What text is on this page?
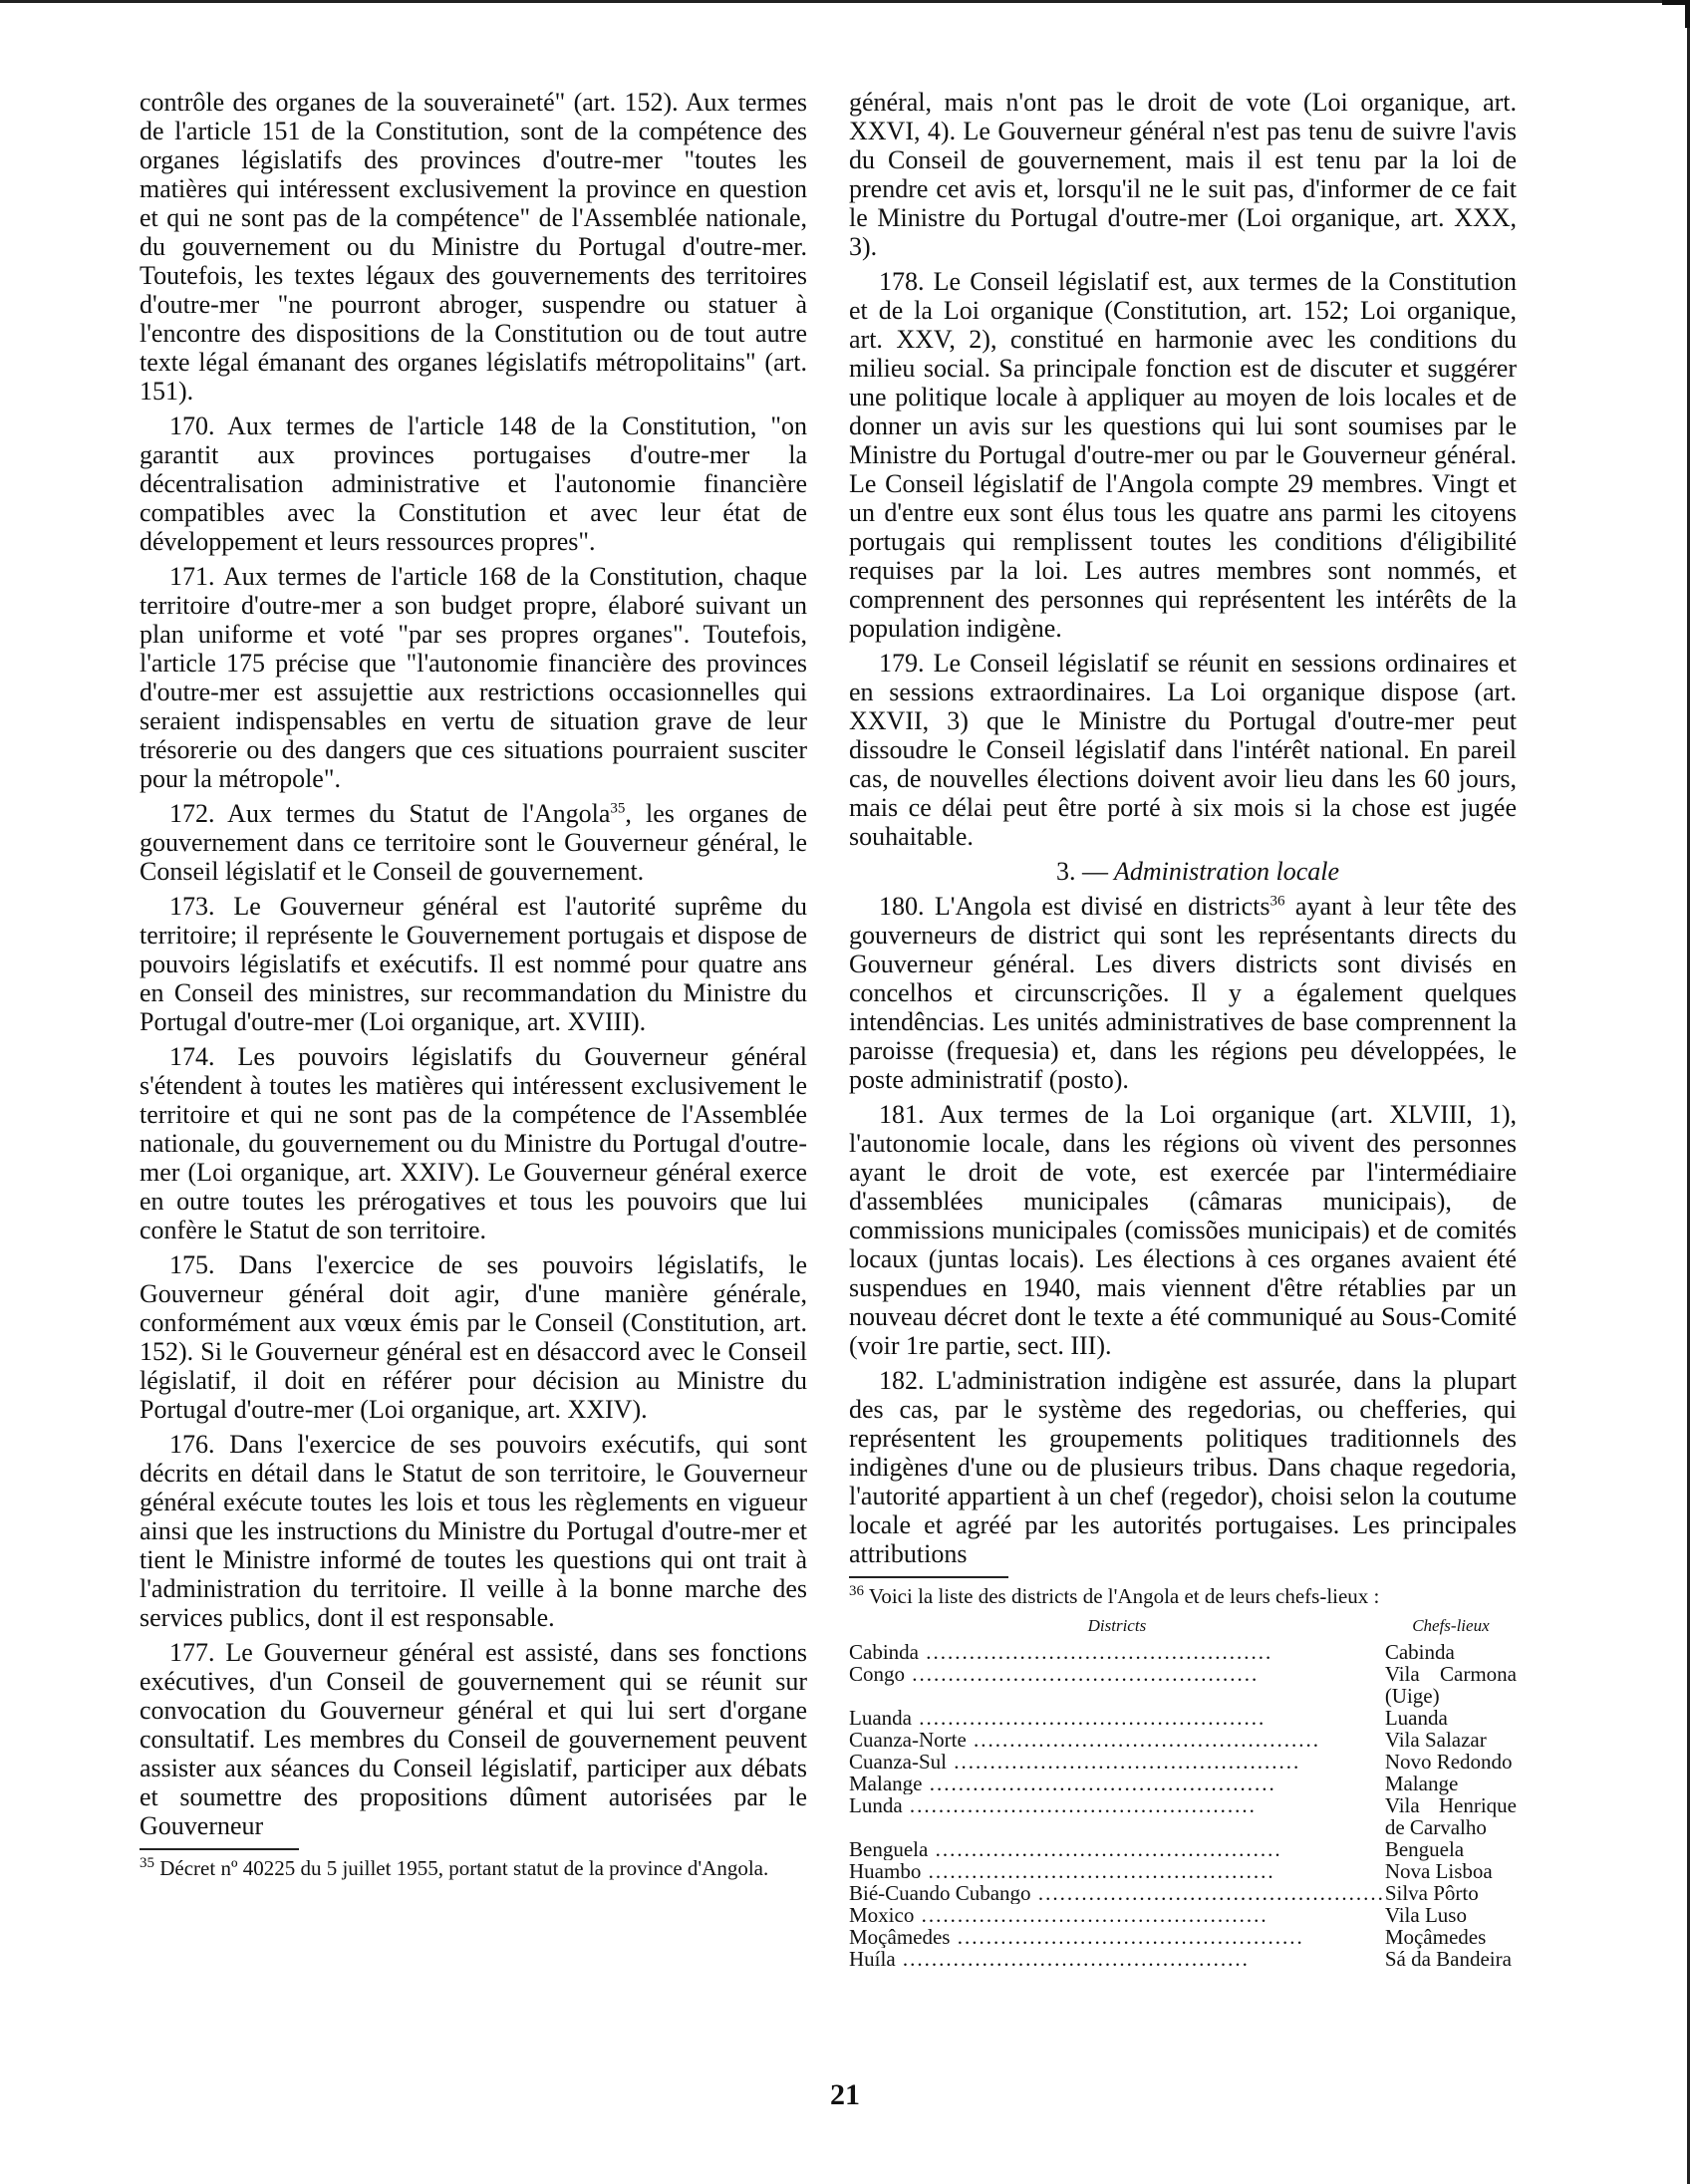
contrôle des organes de la souveraineté" (art. 152). Aux termes de l'article 151 de la Constitution, sont de la compétence des organes législatifs des provinces d'outre-mer "toutes les matières qui intéressent exclusivement la province en question et qui ne sont pas de la compétence" de l'Assemblée nationale, du gouvernement ou du Ministre du Portugal d'outre-mer. Toutefois, les textes légaux des gouvernements des territoires d'outre-mer "ne pourront abroger, suspendre ou statuer à l'encontre des dispositions de la Constitution ou de tout autre texte légal émanant des organes législatifs métropolitains" (art. 151).

170. Aux termes de l'article 148 de la Constitution, "on garantit aux provinces portugaises d'outre-mer la décentralisation administrative et l'autonomie financière compatibles avec la Constitution et avec leur état de développement et leurs ressources propres".

171. Aux termes de l'article 168 de la Constitution, chaque territoire d'outre-mer a son budget propre, élaboré suivant un plan uniforme et voté "par ses propres organes". Toutefois, l'article 175 précise que "l'autonomie financière des provinces d'outre-mer est assujettie aux restrictions occasionnelles qui seraient indispensables en vertu de situation grave de leur trésorerie ou des dangers que ces situations pourraient susciter pour la métropole".

172. Aux termes du Statut de l'Angola$^{35}$, les organes de gouvernement dans ce territoire sont le Gouverneur général, le Conseil législatif et le Conseil de gouvernement.

173. Le Gouverneur général est l'autorité suprême du territoire; il représente le Gouvernement portugais et dispose de pouvoirs législatifs et exécutifs. Il est nommé pour quatre ans en Conseil des ministres, sur recommandation du Ministre du Portugal d'outre-mer (Loi organique, art. XVIII).

174. Les pouvoirs législatifs du Gouverneur général s'étendent à toutes les matières qui intéressent exclusivement le territoire et qui ne sont pas de la compétence de l'Assemblée nationale, du gouvernement ou du Ministre du Portugal d'outre-mer (Loi organique, art. XXIV). Le Gouverneur général exerce en outre toutes les prérogatives et tous les pouvoirs que lui confère le Statut de son territoire.

175. Dans l'exercice de ses pouvoirs législatifs, le Gouverneur général doit agir, d'une manière générale, conformément aux vœux émis par le Conseil (Constitution, art. 152). Si le Gouverneur général est en désaccord avec le Conseil législatif, il doit en référer pour décision au Ministre du Portugal d'outre-mer (Loi organique, art. XXIV).

176. Dans l'exercice de ses pouvoirs exécutifs, qui sont décrits en détail dans le Statut de son territoire, le Gouverneur général exécute toutes les lois et tous les règlements en vigueur ainsi que les instructions du Ministre du Portugal d'outre-mer et tient le Ministre informé de toutes les questions qui ont trait à l'administration du territoire. Il veille à la bonne marche des services publics, dont il est responsable.

177. Le Gouverneur général est assisté, dans ses fonctions exécutives, d'un Conseil de gouvernement qui se réunit sur convocation du Gouverneur général et qui lui sert d'organe consultatif. Les membres du Conseil de gouvernement peuvent assister aux séances du Conseil législatif, participer aux débats et soumettre des propositions dûment autorisées par le Gouverneur

$^{35}$ Décret nº 40225 du 5 juillet 1955, portant statut de la province d'Angola.

général, mais n'ont pas le droit de vote (Loi organique, art. XXVI, 4). Le Gouverneur général n'est pas tenu de suivre l'avis du Conseil de gouvernement, mais il est tenu par la loi de prendre cet avis et, lorsqu'il ne le suit pas, d'informer de ce fait le Ministre du Portugal d'outre-mer (Loi organique, art. XXX, 3).

178. Le Conseil législatif est, aux termes de la Constitution et de la Loi organique (Constitution, art. 152; Loi organique, art. XXV, 2), constitué en harmonie avec les conditions du milieu social. Sa principale fonction est de discuter et suggérer une politique locale à appliquer au moyen de lois locales et de donner un avis sur les questions qui lui sont soumises par le Ministre du Portugal d'outre-mer ou par le Gouverneur général. Le Conseil législatif de l'Angola compte 29 membres. Vingt et un d'entre eux sont élus tous les quatre ans parmi les citoyens portugais qui remplissent toutes les conditions d'éligibilité requises par la loi. Les autres membres sont nommés, et comprennent des personnes qui représentent les intérêts de la population indigène.

179. Le Conseil législatif se réunit en sessions ordinaires et en sessions extraordinaires. La Loi organique dispose (art. XXVII, 3) que le Ministre du Portugal d'outre-mer peut dissoudre le Conseil législatif dans l'intérêt national. En pareil cas, de nouvelles élections doivent avoir lieu dans les 60 jours, mais ce délai peut être porté à six mois si la chose est jugée souhaitable.

3. — Administration locale

180. L'Angola est divisé en districts$^{36}$ ayant à leur tête des gouverneurs de district qui sont les représentants directs du Gouverneur général. Les divers districts sont divisés en concelhos et circunscrições. Il y a également quelques intendências. Les unités administratives de base comprennent la paroisse (frequesia) et, dans les régions peu développées, le poste administratif (posto).

181. Aux termes de la Loi organique (art. XLVIII, 1), l'autonomie locale, dans les régions où vivent des personnes ayant le droit de vote, est exercée par l'intermédiaire d'assemblées municipales (câmaras municipais), de commissions municipales (comissões municipais) et de comités locaux (juntas locais). Les élections à ces organes avaient été suspendues en 1940, mais viennent d'être rétablies par un nouveau décret dont le texte a été communiqué au Sous-Comité (voir 1re partie, sect. III).

182. L'administration indigène est assurée, dans la plupart des cas, par le système des regedorias, ou chefferies, qui représentent les groupements politiques traditionnels des indigènes d'une ou de plusieurs tribus. Dans chaque regedoria, l'autorité appartient à un chef (regedor), choisi selon la coutume locale et agréé par les autorités portugaises. Les principales attributions

$^{36}$ Voici la liste des districts de l'Angola et de leurs chefs-lieux :
Districts	Chefs-lieux
Cabinda .....	Cabinda
Congo .....	Vila Carmona (Uige)
Luanda .....	Luanda
Cuanza-Norte .....	Vila Salazar
Cuanza-Sul .....	Novo Redondo
Malange .....	Malange
Lunda .....	Vila Henrique de Carvalho
Benguela .....	Benguela
Huambo .....	Nova Lisboa
Bié-Cuando Cubango .....	Silva Pôrto
Moxico .....	Vila Luso
Moçâmedes .....	Moçâmedes
Huíla .....	Sá da Bandeira
21
